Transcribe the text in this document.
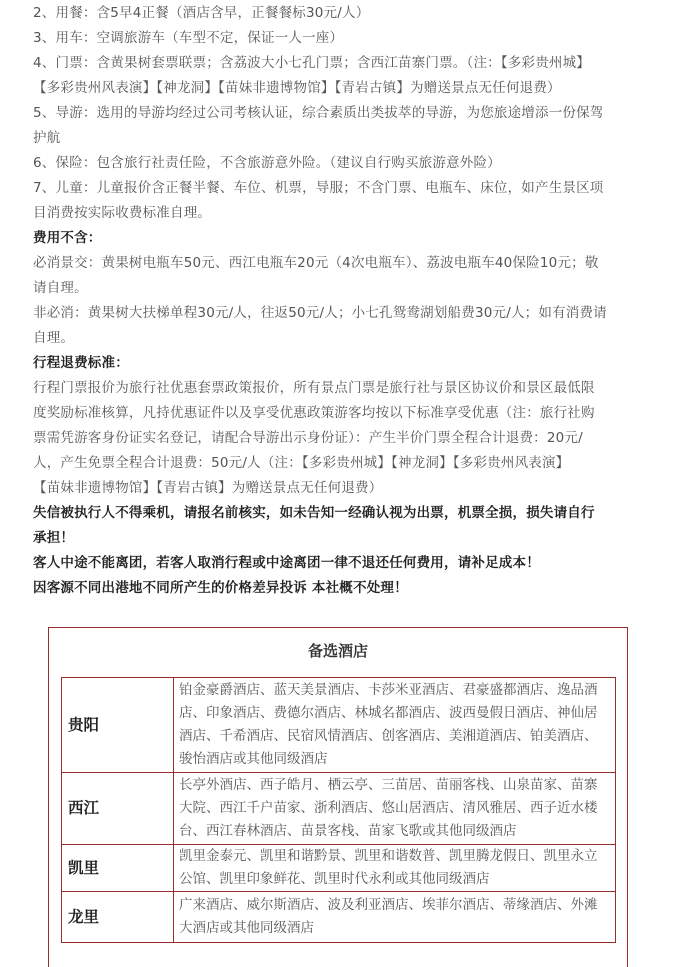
2、用餐：含5早4正餐（酒店含早，正餐餐标30元/人）
3、用车：空调旅游车（车型不定，保证一人一座）
4、门票：含黄果树套票联票；含荔波大小七孔门票；含西江苗寨门票。（注：【多彩贵州城】
【多彩贵州风表演】【神龙洞】【苗妹非遗博物馆】【青岩古镇】为赠送景点无任何退费）
5、导游：选用的导游均经过公司考核认证，综合素质出类拔萃的导游，为您旅途增添一份保驾
护航
6、保险：包含旅行社责任险，不含旅游意外险。（建议自行购买旅游意外险）
7、儿童：儿童报价含正餐半餐、车位、机票，导服；不含门票、电瓶车、床位，如产生景区项
目消费按实际收费标准自理。
费用不含：
必消景交：黄果树电瓶车50元、西江电瓶车20元（4次电瓶车）、荔波电瓶车40保险10元；敬
请自理。
非必消：黄果树大扶梯单程30元/人，往返50元/人；小七孔鸳鸯湖划船费30元/人；如有消费请
自理。
行程退费标准：
行程门票报价为旅行社优惠套票政策报价，所有景点门票是旅行社与景区协议价和景区最低限
度奖励标准核算，凡持优惠证件以及享受优惠政策游客均按以下标准享受优惠（注：旅行社购
票需凭游客身份证实名登记，请配合导游出示身份证）：产生半价门票全程合计退费：20元/
人，产生免票全程合计退费：50元/人（注：【多彩贵州城】【神龙洞】【多彩贵州风表演】
【苗妹非遗博物馆】【青岩古镇】为赠送景点无任何退费）
失信被执行人不得乘机，请报名前核实，如未告知一经确认视为出票，机票全损，损失请自行
承担！
客人中途不能离团，若客人取消行程或中途离团一律不退还任何费用，请补足成本！
因客源不同出港地不同所产生的价格差异投诉 本社概不处理！
备选酒店
贵阳	铂金豪爵酒店、蓝天美景酒店、卡莎米亚酒店、君豪盛都酒店、逸品酒店、印象酒店、费德尔酒店、林城名都酒店、波西曼假日酒店、神仙居酒店、千希酒店、民宿风情酒店、创客酒店、美湘道酒店、铂美酒店、骏怡酒店或其他同级酒店
西江	长亭外酒店、西子皓月、栖云亭、三苗居、苗丽客栈、山泉苗家、苗寨大院、西江千户苗家、浙利酒店、悠山居酒店、清风雅居、西子近水楼台、西江春林酒店、苗景客栈、苗家飞歌或其他同级酒店
凯里	凯里金泰元、凯里和谐黔景、凯里和谐数普、凯里腾龙假日、凯里永立公馆、凯里印象鲜花、凯里时代永利或其他同级酒店
龙里	广来酒店、威尔斯酒店、波及利亚酒店、埃菲尔酒店、蒂缘酒店、外滩大酒店或其他同级酒店
